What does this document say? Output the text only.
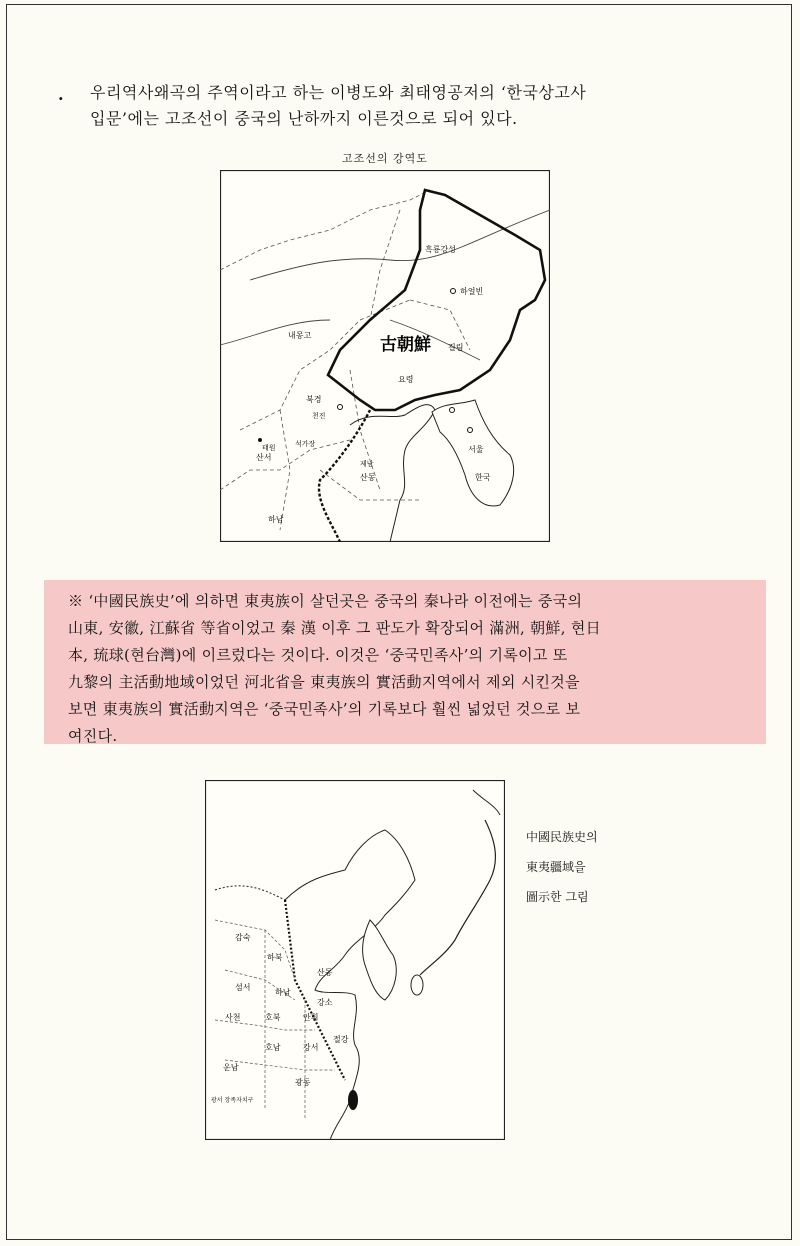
.	우리역사왜곡의 주역이라고 하는 이병도와 최태영공저의 ‘한국상고사
입문’에는 고조선이 중국의 난하까지 이른것으로 되어 있다.
고조선의 강역도
흑룡강성
하얼빈
내몽고	古朝鮮 길림
요령
북경
천진
산서
석가장
태원
하남
제남
산동
서울
한국
※ ‘中國民族史’에 의하면 東夷族이 살던곳은 중국의 秦나라 이전에는 중국의
山東, 安徽, 江蘇省 等省이었고 秦 漢 이후 그 판도가 확장되어 滿洲, 朝鮮, 현日
本, 琉球(현台灣)에 이르렀다는 것이다. 이것은 ‘중국민족사’의 기록이고 또
九黎의 主活動地域이었던 河北省을 東夷族의 實活動지역에서 제외 시킨것을
보면 東夷族의 實活動지역은 ‘중국민족사’의 기록보다 훨씬 넓었던 것으로 보
여진다.
감숙
하북
산동
섬서
하남
강소
안휘
사천	호북
절강
강서
호남
운남
광동
광서 장족자치구
中國民族史의
東夷疆域을
圖示한 그림
